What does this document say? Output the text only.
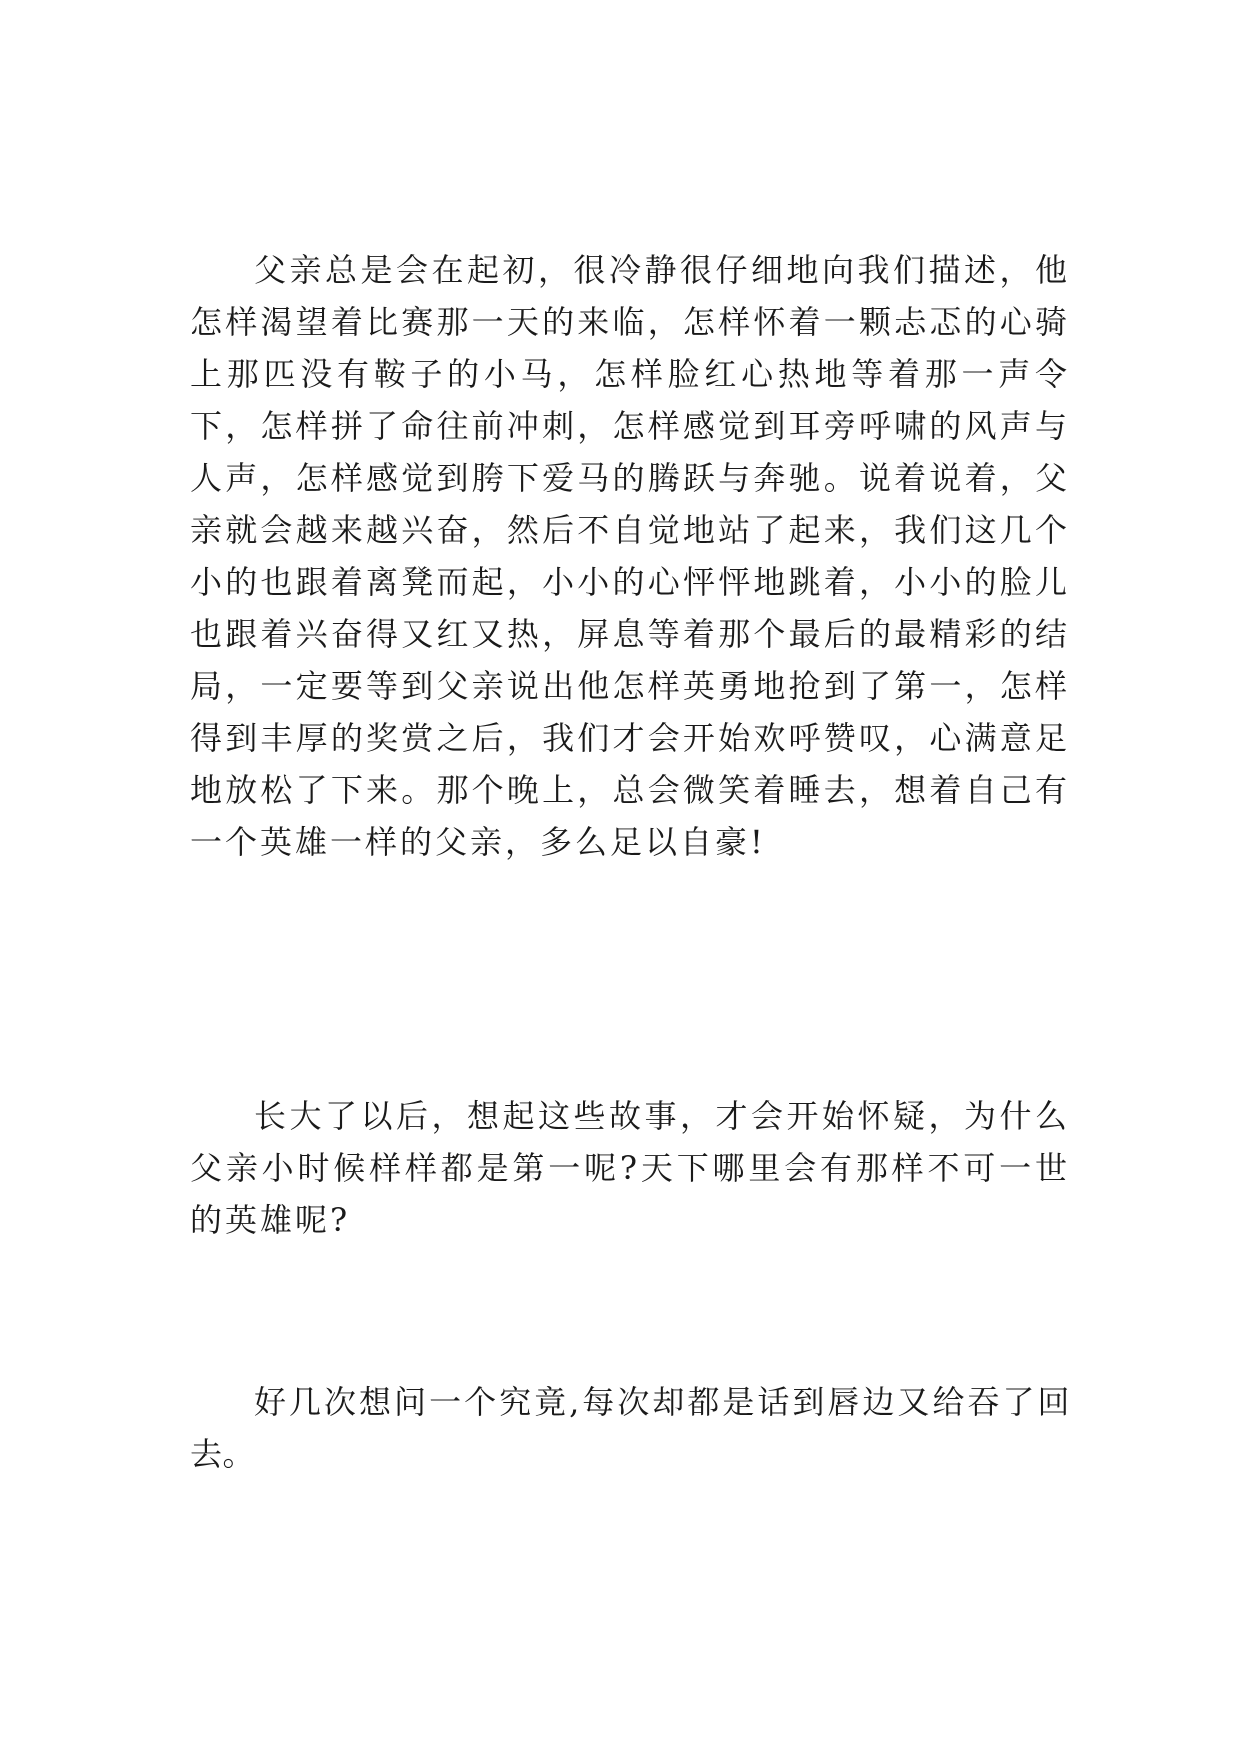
父亲总是会在起初，很冷静很仔细地向我们描述，他怎样渴望着比赛那一天的来临，怎样怀着一颗忐忑的心骑上那匹没有鞍子的小马，怎样脸红心热地等着那一声令下，怎样拼了命往前冲刺，怎样感觉到耳旁呼啸的风声与人声，怎样感觉到胯下爱马的腾跃与奔驰。说着说着，父亲就会越来越兴奋，然后不自觉地站了起来，我们这几个小的也跟着离凳而起，小小的心怦怦地跳着，小小的脸儿也跟着兴奋得又红又热，屏息等着那个最后的最精彩的结局，一定要等到父亲说出他怎样英勇地抢到了第一，怎样得到丰厚的奖赏之后，我们才会开始欢呼赞叹，心满意足地放松了下来。那个晚上，总会微笑着睡去，想着自己有一个英雄一样的父亲，多么足以自豪!

长大了以后，想起这些故事，才会开始怀疑，为什么父亲小时候样样都是第一呢?天下哪里会有那样不可一世的英雄呢?

好几次想问一个究竟,每次却都是话到唇边又给吞了回去。
